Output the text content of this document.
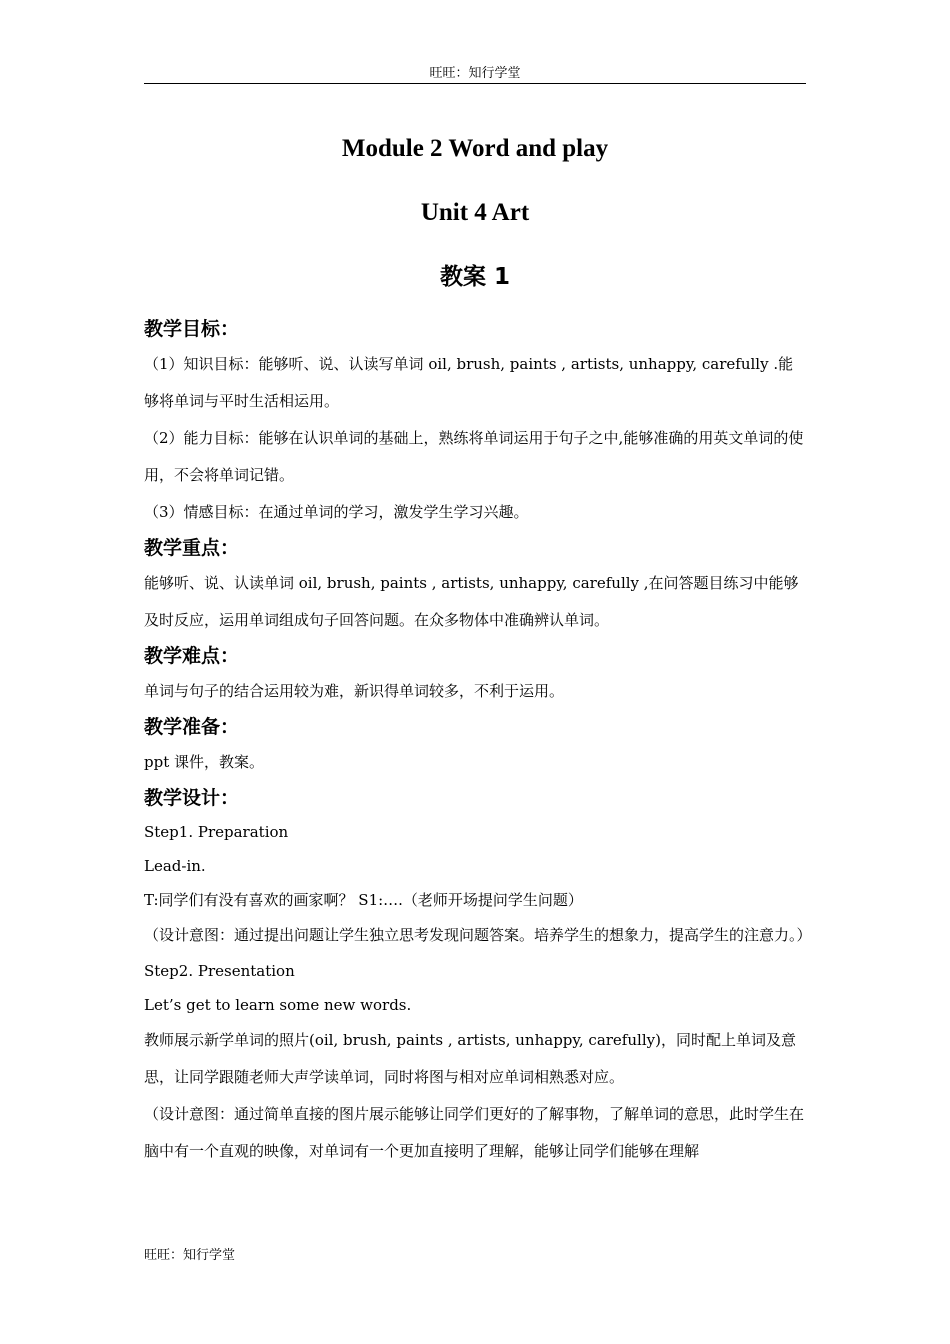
旺旺：知行学堂
Module 2 Word and play
Unit 4 Art
教案 1

教学目标：

（1）知识目标：能够听、说、认读写单词 oil, brush, paints , artists, unhappy, carefully .能够将单词与平时生活相运用。

（2）能力目标：能够在认识单词的基础上，熟练将单词运用于句子之中,能够准确的用英文单词的使用，不会将单词记错。

（3）情感目标：在通过单词的学习，激发学生学习兴趣。

教学重点：

能够听、说、认读单词 oil, brush, paints , artists, unhappy, carefully ,在问答题目练习中能够及时反应，运用单词组成句子回答问题。在众多物体中准确辨认单词。

教学难点：

单词与句子的结合运用较为难，新识得单词较多，不利于运用。

教学准备：

ppt 课件，教案。

教学设计：

Step1. Preparation

Lead-in.

T:同学们有没有喜欢的画家啊？ S1:….（老师开场提问学生问题）

（设计意图：通过提出问题让学生独立思考发现问题答案。培养学生的想象力，提高学生的注意力。）

Step2. Presentation

Let’s get to learn some new words.

教师展示新学单词的照片(oil, brush, paints , artists, unhappy, carefully)，同时配上单词及意思，让同学跟随老师大声学读单词，同时将图与相对应单词相熟悉对应。

（设计意图：通过简单直接的图片展示能够让同学们更好的了解事物，了解单词的意思，此时学生在脑中有一个直观的映像，对单词有一个更加直接明了理解，能够让同学们能够在理解

旺旺：知行学堂
